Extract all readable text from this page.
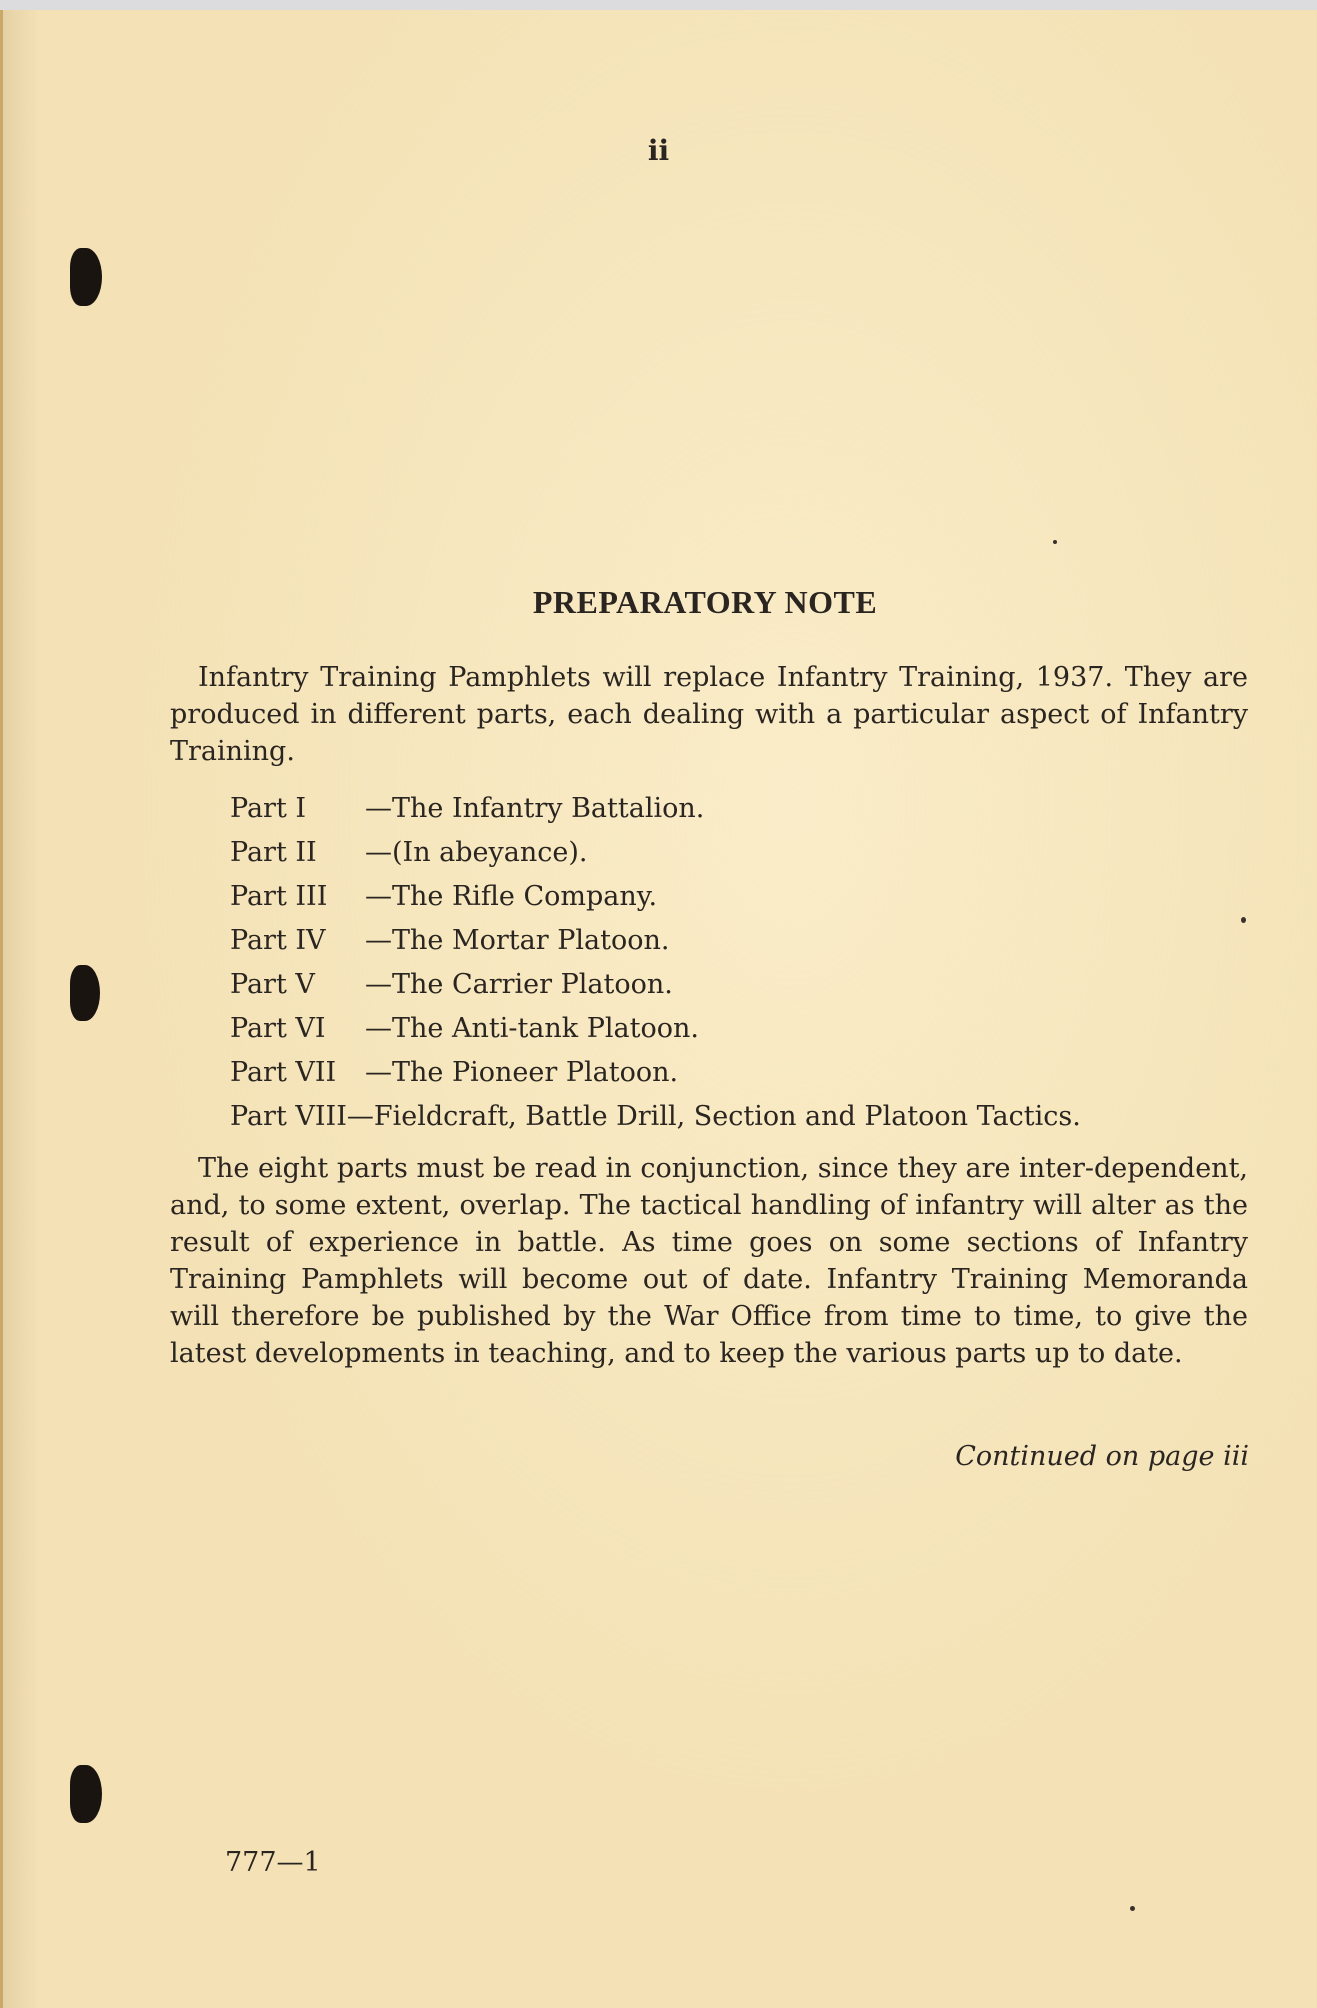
ii
PREPARATORY NOTE

Infantry Training Pamphlets will replace Infantry Training, 1937. They are produced in different parts, each dealing with a particular aspect of Infantry Training.

Part I —The Infantry Battalion.
Part II —(In abeyance).
Part III —The Rifle Company.
Part IV —The Mortar Platoon.
Part V —The Carrier Platoon.
Part VI —The Anti-tank Platoon.
Part VII —The Pioneer Platoon.
Part VIII—Fieldcraft, Battle Drill, Section and Platoon Tactics.

The eight parts must be read in conjunction, since they are inter-dependent, and, to some extent, overlap. The tactical handling of infantry will alter as the result of experience in battle. As time goes on some sections of Infantry Training Pamphlets will become out of date. Infantry Training Memoranda will therefore be published by the War Office from time to time, to give the latest developments in teaching, and to keep the various parts up to date.

Continued on page iii
777—1
